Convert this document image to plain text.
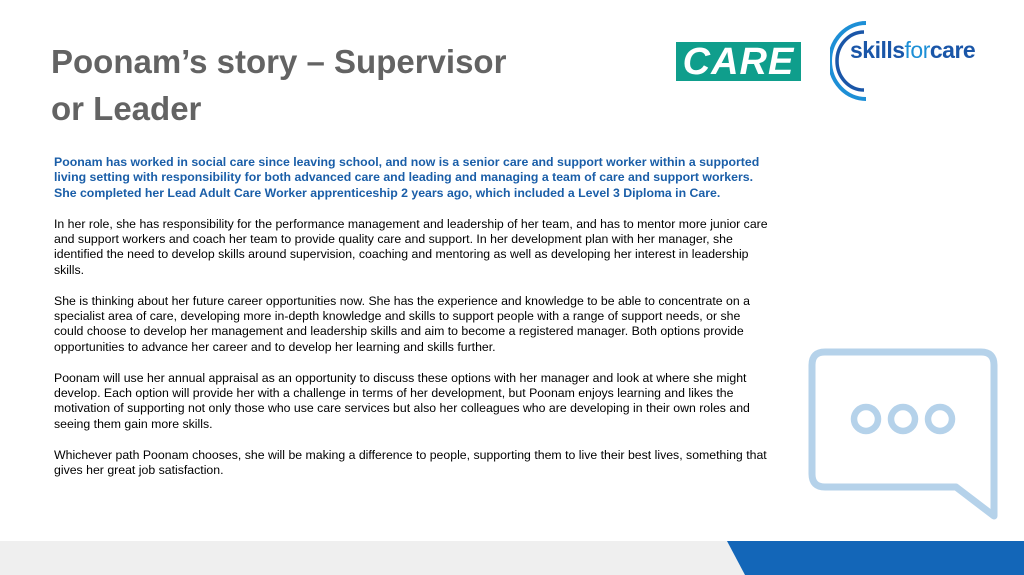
Poonam’s story – Supervisor
or Leader
CARE skillsforcare

Poonam has worked in social care since leaving school, and now is a senior care and support worker within a supported living setting with responsibility for both advanced care and leading and managing a team of care and support workers. She completed her Lead Adult Care Worker apprenticeship 2 years ago, which included a Level 3 Diploma in Care.

In her role, she has responsibility for the performance management and leadership of her team, and has to mentor more junior care and support workers and coach her team to provide quality care and support. In her development plan with her manager, she identified the need to develop skills around supervision, coaching and mentoring as well as developing her interest in leadership skills.

She is thinking about her future career opportunities now. She has the experience and knowledge to be able to concentrate on a specialist area of care, developing more in-depth knowledge and skills to support people with a range of support needs, or she could choose to develop her management and leadership skills and aim to become a registered manager. Both options provide opportunities to advance her career and to develop her learning and skills further.

Poonam will use her annual appraisal as an opportunity to discuss these options with her manager and look at where she might develop. Each option will provide her with a challenge in terms of her development, but Poonam enjoys learning and likes the motivation of supporting not only those who use care services but also her colleagues who are developing in their own roles and seeing them gain more skills.

Whichever path Poonam chooses, she will be making a difference to people, supporting them to live their best lives, something that gives her great job satisfaction.
